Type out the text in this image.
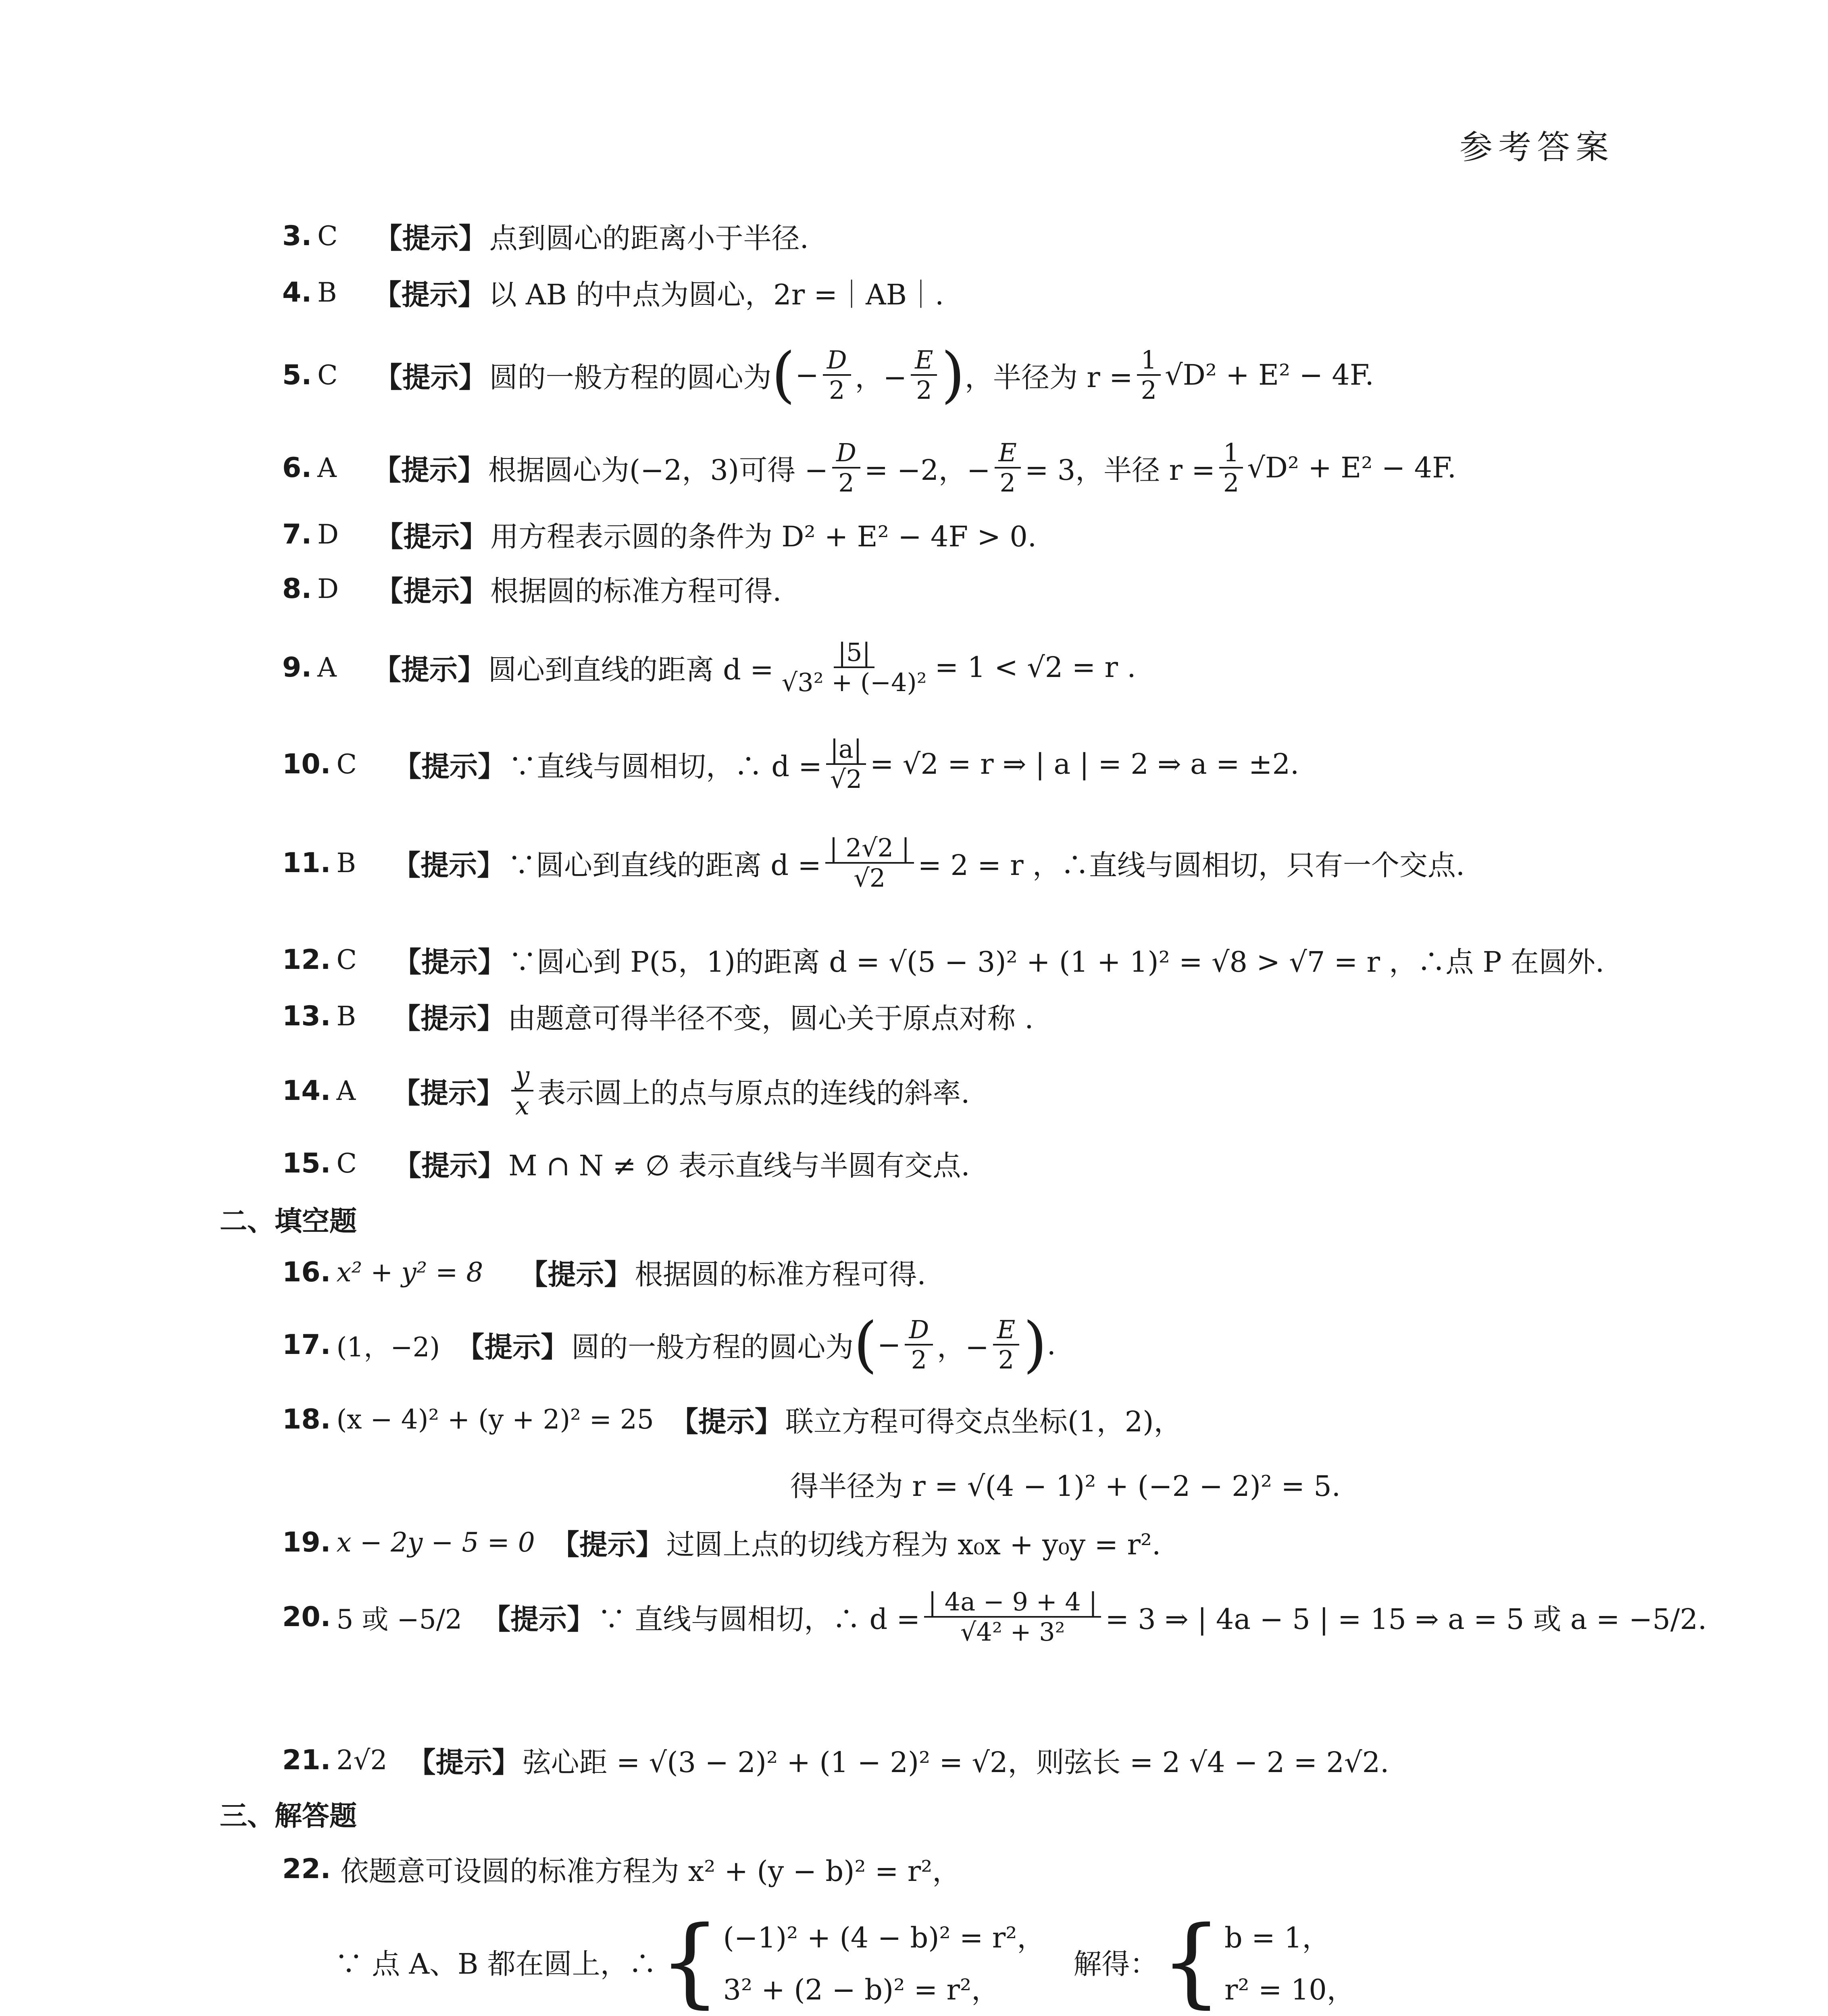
参考答案
3. C 【提示】 点到圆心的距离小于半径.
4. B 【提示】 以 AB 的中点为圆心，2r =｜AB｜.
5. C 【提示】 圆的一般方程的圆心为 ( − $\frac{D}{2}$ ，− $\frac{E}{2}$ ) ，半径为 $r = \frac{1}{2} √D^2 + E^2 - 4F$.
6. A 【提示】 根据圆心为(−2，3)可得 − $\frac{D}{2} = -2$，− $\frac{E}{2} = 3$，半径 $r = \frac{1}{2} √D^2 + E^2 - 4F$.
7. D 【提示】 用方程表示圆的条件为 D² + E² − 4F > 0.
8. D 【提示】 根据圆的标准方程可得.
9. A 【提示】 圆心到直线的距离 $d = \frac{|5|}{\text{√3² + (−4)²}} = 1 < √2 = r$ .
10. C 【提示】 ∵直线与圆相切，∴ $d = \frac{|a|}{√2} = √2 = r$ ⇒ | a | = 2 ⇒ a = ±2.
11. B 【提示】 ∵圆心到直线的距离 $d = \frac{| 2√2 |}{√2} = 2 = r$ ，∴直线与圆相切，只有一个交点.
12. C 【提示】 ∵圆心到 P(5，1)的距离 d = √(5 − 3)² + (1 + 1)² = √8 > √7 = r ，∴点 P 在圆外.
13. B 【提示】 由题意可得半径不变，圆心关于原点对称 .
14. A 【提示】 $\frac{y}{x}$ 表示圆上的点与原点的连线的斜率.
15. C 【提示】 M ∩ N ≠ ∅ 表示直线与半圆有交点.
二、填空题
16. x² + y² = 8 【提示】 根据圆的标准方程可得.
17. (1，−2) 【提示】 圆的一般方程的圆心为 ( − $\frac{D}{2}$ ，− $\frac{E}{2}$ ) .
18. (x − 4)² + (y + 2)² = 25 【提示】 联立方程可得交点坐标(1，2)，
得半径为 r = √(4 − 1)² + (−2 − 2)² = 5.
19. x − 2y − 5 = 0 【提示】 过圆上点的切线方程为 x₀x + y₀y = r².
20. 5 或 −5/2 【提示】 ∵ 直线与圆相切，∴ $d = \frac{| 4a - 9 + 4 |}{\text{√4² + 3²}} = 3$ ⇒ | 4a − 5 | = 15 ⇒ a = 5 或 a = −5/2.
21. 2√2 【提示】 弦心距 = √(3 − 2)² + (1 − 2)² = √2，则弦长 = 2 √4 − 2 = 2√2.
三、解答题
22. 依题意可设圆的标准方程为 x² + (y − b)² = r²，
∵ 点 A、B 都在圆上，∴ { (−1)² + (4 − b)² = r²，
3² + (2 − b)² = r²，
解得： { b = 1，
r² = 10，
